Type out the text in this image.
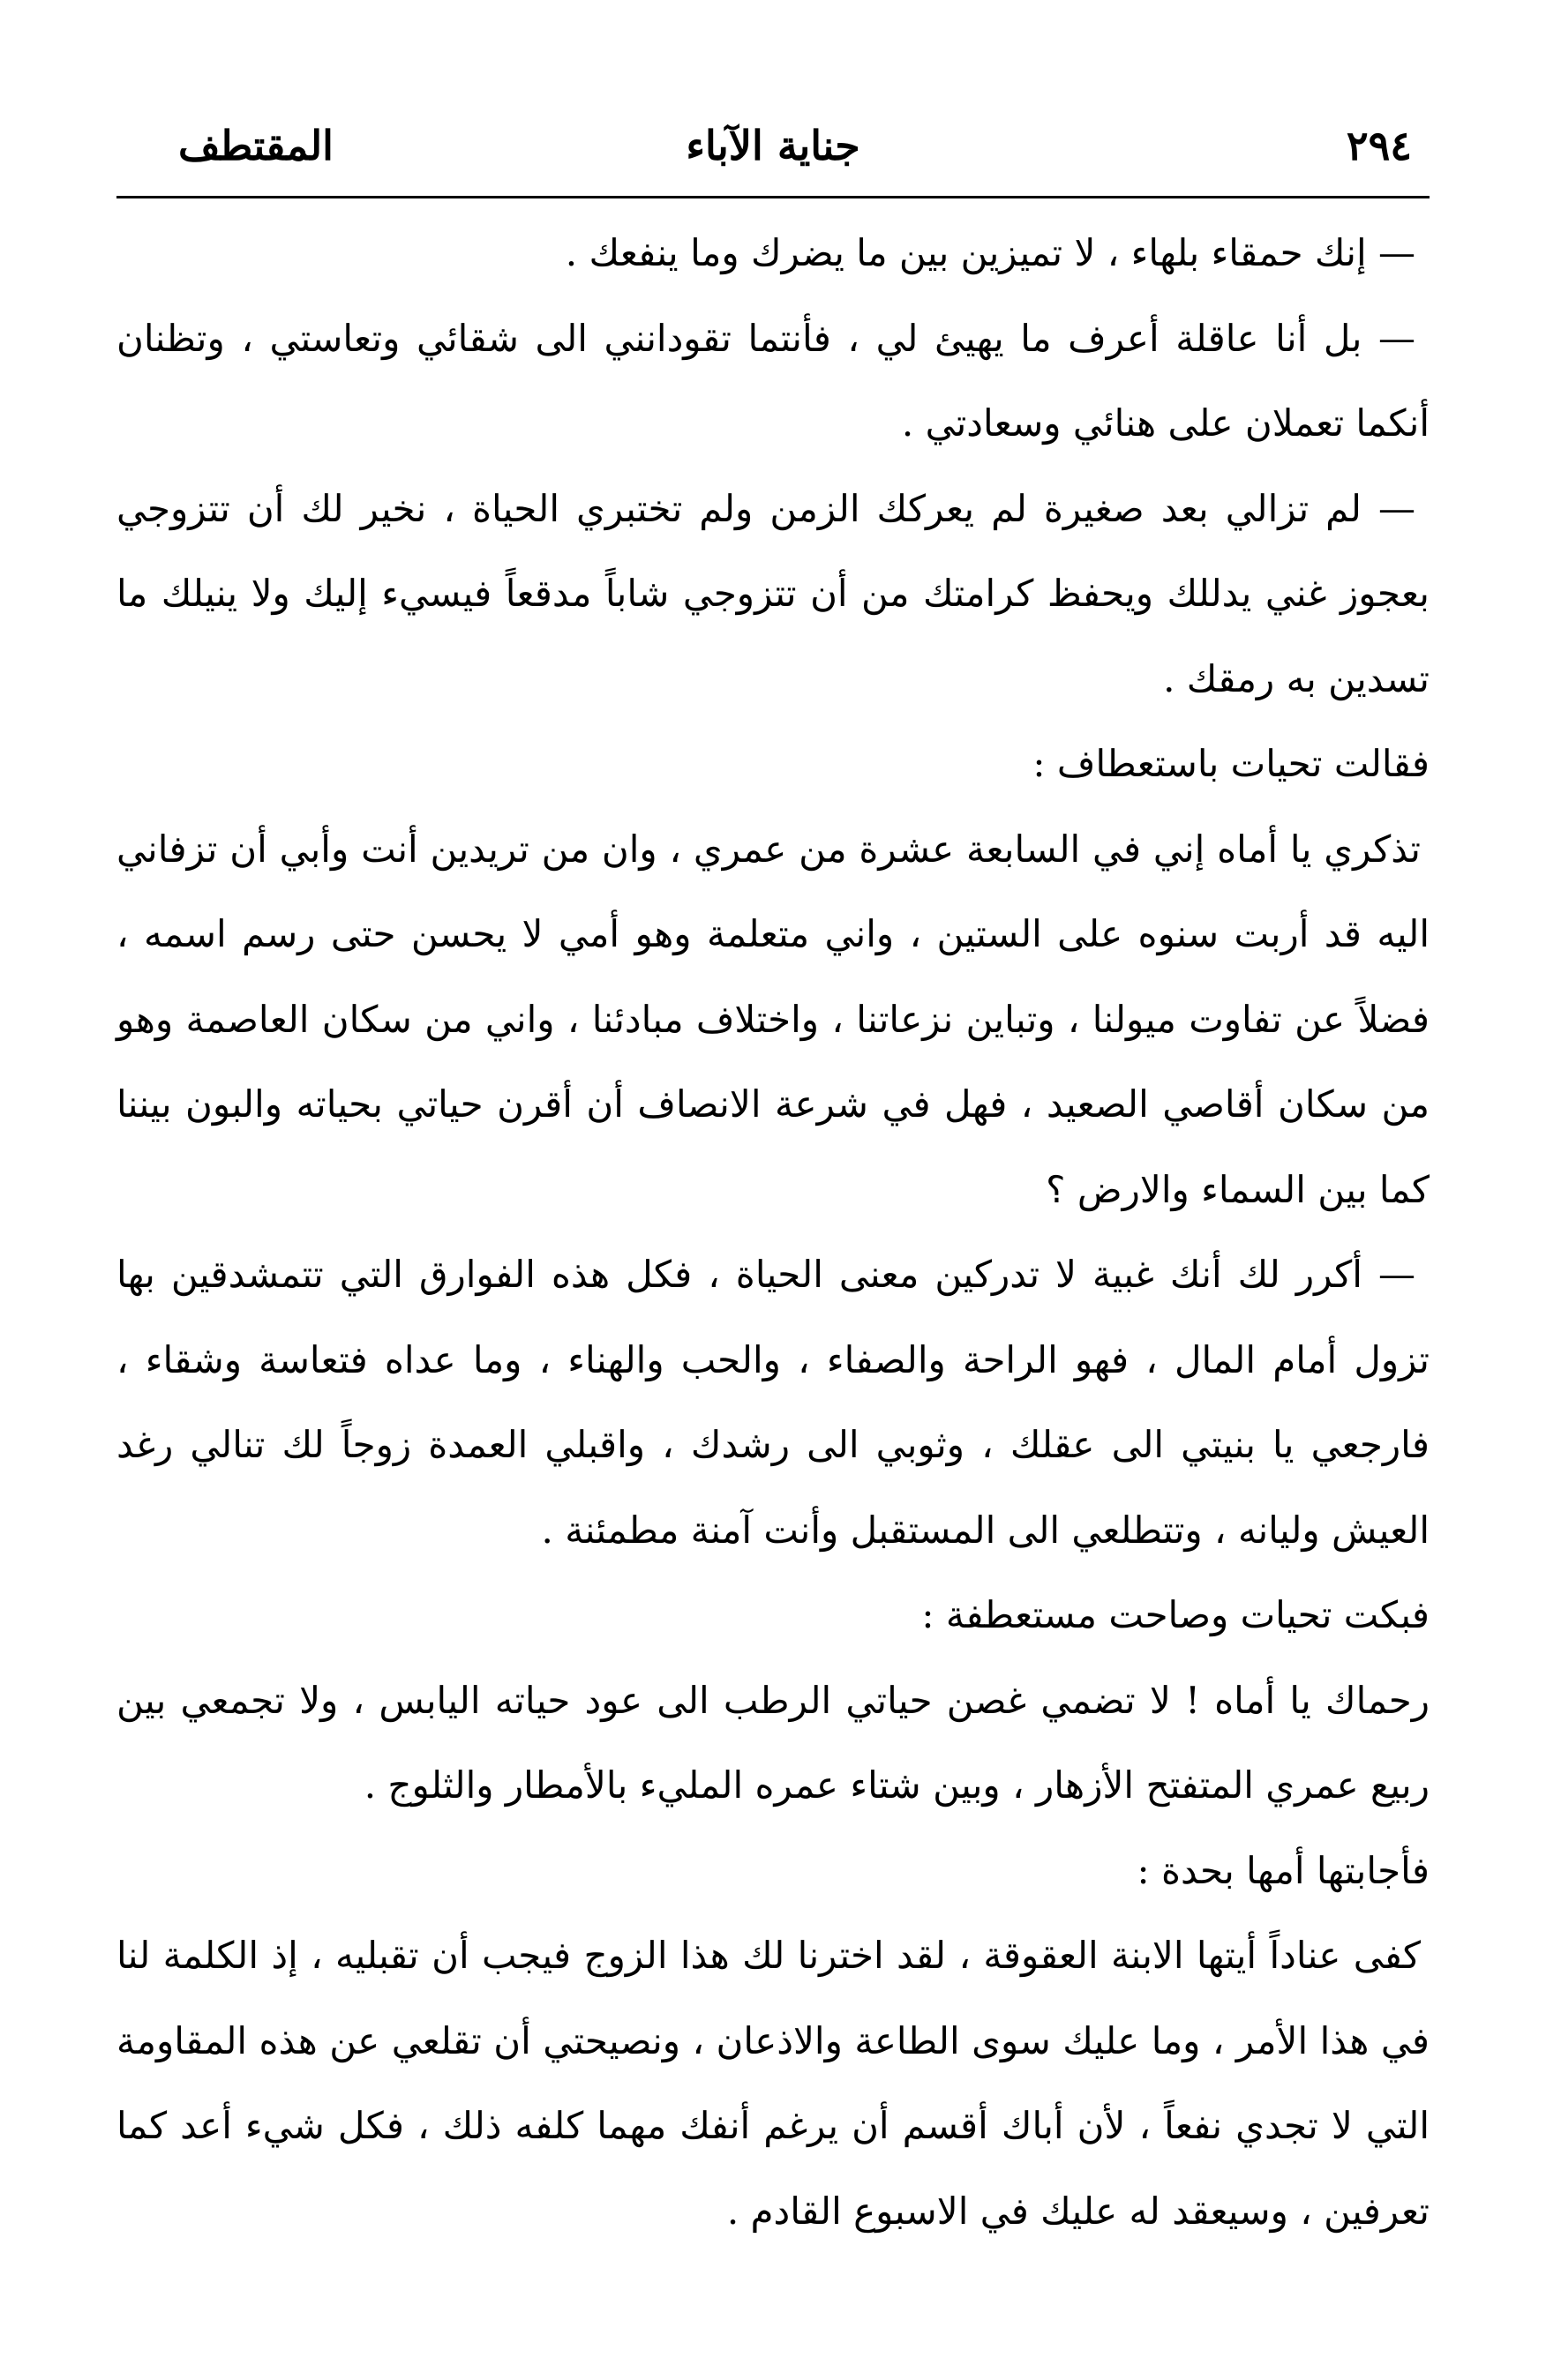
٢٩٤
جناية الآباء
المقتطف

— إنك حمقاء بلهاء ، لا تميزين بين ما يضرك وما ينفعك .

— بل أنا عاقلة أعرف ما يهيئ لي ، فأنتما تقودانني الى شقائي وتعاستي ، وتظنان أنكما تعملان على هنائي وسعادتي .

— لم تزالي بعد صغيرة لم يعركك الزمن ولم تختبري الحياة ، نخير لك أن تتزوجي بعجوز غني يدللك ويحفظ كرامتك من أن تتزوجي شاباً مدقعاً فيسيء إليك ولا ينيلك ما تسدين به رمقك .

فقالت تحيات باستعطاف :

تذكري يا أماه إني في السابعة عشرة من عمري ، وان من تريدين أنت وأبي أن تزفاني اليه قد أربت سنوه على الستين ، واني متعلمة وهو أمي لا يحسن حتى رسم اسمه ، فضلاً عن تفاوت ميولنا ، وتباين نزعاتنا ، واختلاف مبادئنا ، واني من سكان العاصمة وهو من سكان أقاصي الصعيد ، فهل في شرعة الانصاف أن أقرن حياتي بحياته والبون بيننا كما بين السماء والارض ؟

— أكرر لك أنك غبية لا تدركين معنى الحياة ، فكل هذه الفوارق التي تتمشدقين بها تزول أمام المال ، فهو الراحة والصفاء ، والحب والهناء ، وما عداه فتعاسة وشقاء ، فارجعي يا بنيتي الى عقلك ، وثوبي الى رشدك ، واقبلي العمدة زوجاً لك تنالي رغد العيش وليانه ، وتتطلعي الى المستقبل وأنت آمنة مطمئنة .

فبكت تحيات وصاحت مستعطفة :

رحماك يا أماه ! لا تضمي غصن حياتي الرطب الى عود حياته اليابس ، ولا تجمعي بين ربيع عمري المتفتح الأزهار ، وبين شتاء عمره المليء بالأمطار والثلوج .

فأجابتها أمها بحدة :

كفى عناداً أيتها الابنة العقوقة ، لقد اخترنا لك هذا الزوج فيجب أن تقبليه ، إذ الكلمة لنا في هذا الأمر ، وما عليك سوى الطاعة والاذعان ، ونصيحتي أن تقلعي عن هذه المقاومة التي لا تجدي نفعاً ، لأن أباك أقسم أن يرغم أنفك مهما كلفه ذلك ، فكل شيء أعد كما تعرفين ، وسيعقد له عليك في الاسبوع القادم .
